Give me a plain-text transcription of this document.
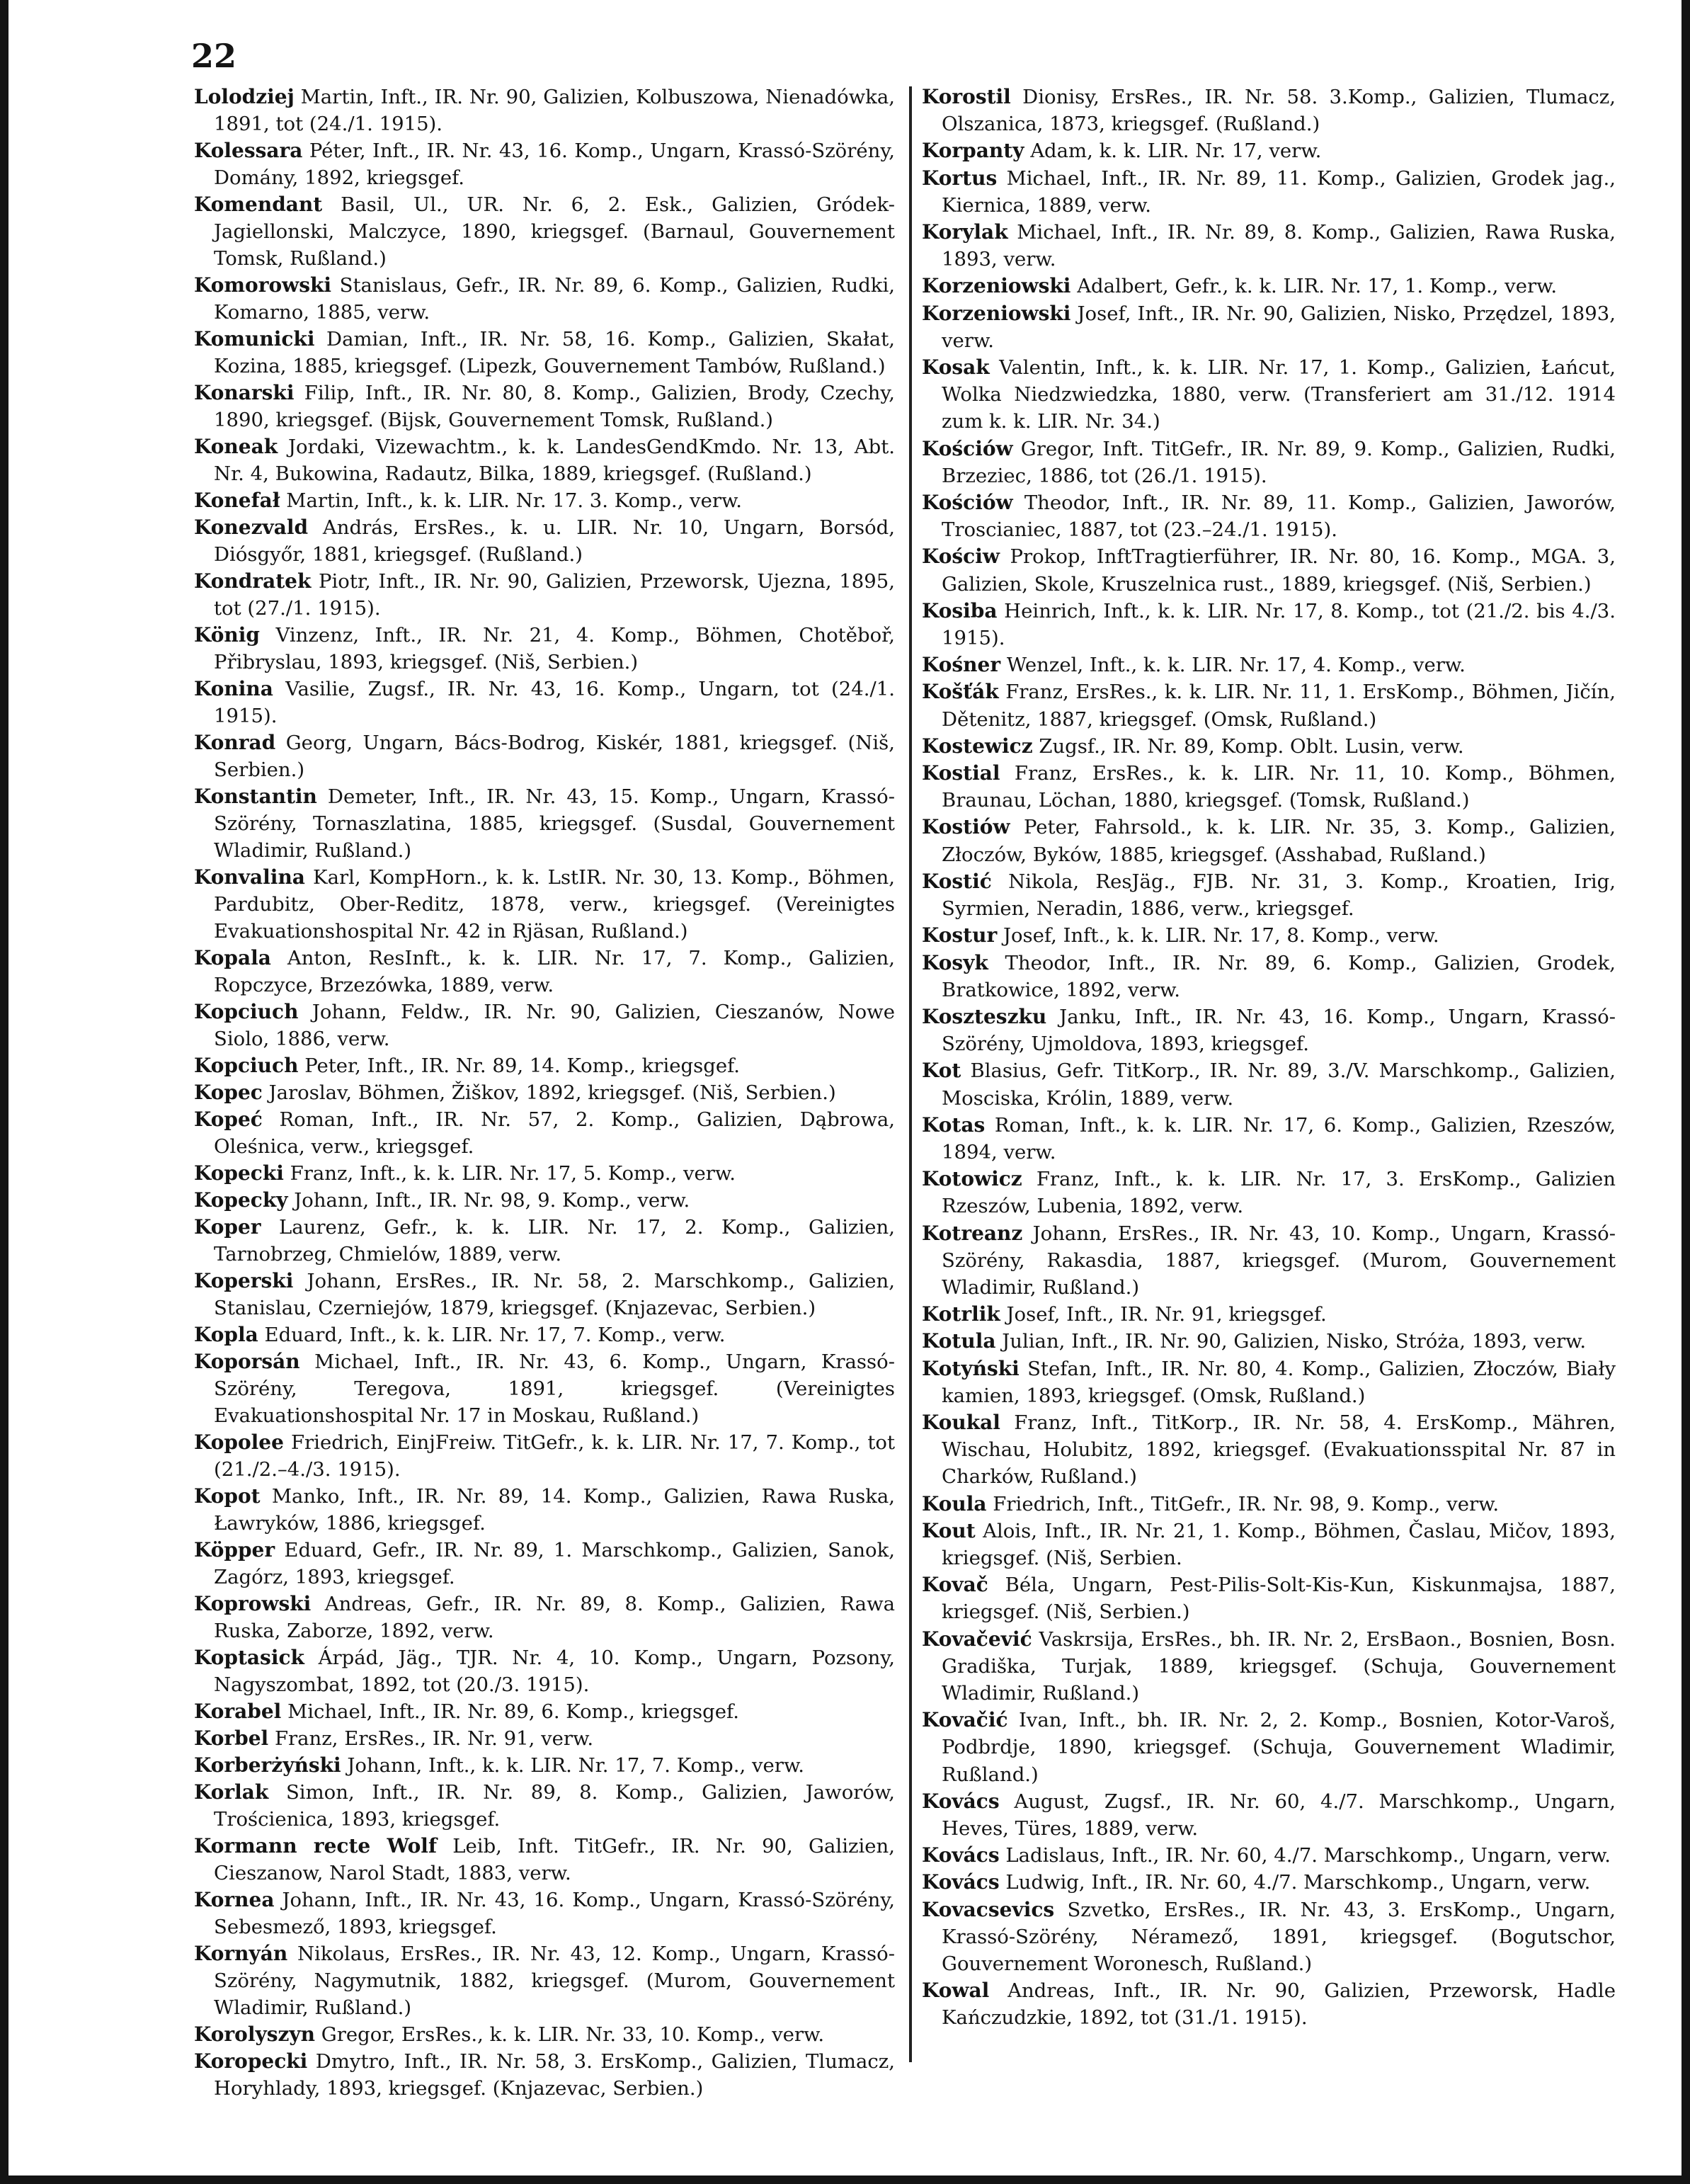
22

Lolodziej Martin, Inft., IR. Nr. 90, Galizien, Kolbuszowa, Nienadówka, 1891, tot (24./1. 1915).

Kolessara Péter, Inft., IR. Nr. 43, 16. Komp., Ungarn, Krassó-Szörény, Domány, 1892, kriegsgef.

Komendant Basil, Ul., UR. Nr. 6, 2. Esk., Galizien, Gródek-Jagiellonski, Malczyce, 1890, kriegsgef. (Barnaul, Gouvernement Tomsk, Rußland.)

Komorowski Stanislaus, Gefr., IR. Nr. 89, 6. Komp., Galizien, Rudki, Komarno, 1885, verw.

Komunicki Damian, Inft., IR. Nr. 58, 16. Komp., Galizien, Skałat, Kozina, 1885, kriegsgef. (Lipezk, Gouvernement Tambów, Rußland.)

Konarski Filip, Inft., IR. Nr. 80, 8. Komp., Galizien, Brody, Czechy, 1890, kriegsgef. (Bijsk, Gouvernement Tomsk, Rußland.)

Koneak Jordaki, Vizewachtm., k. k. LandesGendKmdo. Nr. 13, Abt. Nr. 4, Bukowina, Radautz, Bilka, 1889, kriegsgef. (Rußland.)

Konefał Martin, Inft., k. k. LIR. Nr. 17. 3. Komp., verw.

Konezvald András, ErsRes., k. u. LIR. Nr. 10, Ungarn, Borsód, Diósgyőr, 1881, kriegsgef. (Rußland.)

Kondratek Piotr, Inft., IR. Nr. 90, Galizien, Przeworsk, Ujezna, 1895, tot (27./1. 1915).

König Vinzenz, Inft., IR. Nr. 21, 4. Komp., Böhmen, Chotěboř, Přibryslau, 1893, kriegsgef. (Niš, Serbien.)

Konina Vasilie, Zugsf., IR. Nr. 43, 16. Komp., Ungarn, tot (24./1. 1915).

Konrad Georg, Ungarn, Bács-Bodrog, Kiskér, 1881, kriegsgef. (Niš, Serbien.)

Konstantin Demeter, Inft., IR. Nr. 43, 15. Komp., Ungarn, Krassó-Szörény, Tornaszlatina, 1885, kriegsgef. (Susdal, Gouvernement Wladimir, Rußland.)

Konvalina Karl, KompHorn., k. k. LstIR. Nr. 30, 13. Komp., Böhmen, Pardubitz, Ober-Reditz, 1878, verw., kriegsgef. (Vereinigtes Evakuationshospital Nr. 42 in Rjäsan, Rußland.)

Kopala Anton, ResInft., k. k. LIR. Nr. 17, 7. Komp., Galizien, Ropczyce, Brzezówka, 1889, verw.

Kopciuch Johann, Feldw., IR. Nr. 90, Galizien, Cieszanów, Nowe Siolo, 1886, verw.

Kopciuch Peter, Inft., IR. Nr. 89, 14. Komp., kriegsgef.

Kopec Jaroslav, Böhmen, Žiškov, 1892, kriegsgef. (Niš, Serbien.)

Kopeć Roman, Inft., IR. Nr. 57, 2. Komp., Galizien, Dąbrowa, Oleśnica, verw., kriegsgef.

Kopecki Franz, Inft., k. k. LIR. Nr. 17, 5. Komp., verw.

Kopecky Johann, Inft., IR. Nr. 98, 9. Komp., verw.

Koper Laurenz, Gefr., k. k. LIR. Nr. 17, 2. Komp., Galizien, Tarnobrzeg, Chmielów, 1889, verw.

Koperski Johann, ErsRes., IR. Nr. 58, 2. Marschkomp., Galizien, Stanislau, Czerniejów, 1879, kriegsgef. (Knjazevac, Serbien.)

Kopla Eduard, Inft., k. k. LIR. Nr. 17, 7. Komp., verw.

Koporsán Michael, Inft., IR. Nr. 43, 6. Komp., Ungarn, Krassó-Szörény, Teregova, 1891, kriegsgef. (Vereinigtes Evakuationshospital Nr. 17 in Moskau, Rußland.)

Kopolee Friedrich, EinjFreiw. TitGefr., k. k. LIR. Nr. 17, 7. Komp., tot (21./2.–4./3. 1915).

Kopot Manko, Inft., IR. Nr. 89, 14. Komp., Galizien, Rawa Ruska, Ławryków, 1886, kriegsgef.

Köpper Eduard, Gefr., IR. Nr. 89, 1. Marschkomp., Galizien, Sanok, Zagórz, 1893, kriegsgef.

Koprowski Andreas, Gefr., IR. Nr. 89, 8. Komp., Galizien, Rawa Ruska, Zaborze, 1892, verw.

Koptasick Árpád, Jäg., TJR. Nr. 4, 10. Komp., Ungarn, Pozsony, Nagyszombat, 1892, tot (20./3. 1915).

Korabel Michael, Inft., IR. Nr. 89, 6. Komp., kriegsgef.

Korbel Franz, ErsRes., IR. Nr. 91, verw.

Korberżyński Johann, Inft., k. k. LIR. Nr. 17, 7. Komp., verw.

Korlak Simon, Inft., IR. Nr. 89, 8. Komp., Galizien, Jaworów, Trościenica, 1893, kriegsgef.

Kormann recte Wolf Leib, Inft. TitGefr., IR. Nr. 90, Galizien, Cieszanow, Narol Stadt, 1883, verw.

Kornea Johann, Inft., IR. Nr. 43, 16. Komp., Ungarn, Krassó-Szörény, Sebesmező, 1893, kriegsgef.

Kornyán Nikolaus, ErsRes., IR. Nr. 43, 12. Komp., Ungarn, Krassó-Szörény, Nagymutnik, 1882, kriegsgef. (Murom, Gouvernement Wladimir, Rußland.)

Korolyszyn Gregor, ErsRes., k. k. LIR. Nr. 33, 10. Komp., verw.

Koropecki Dmytro, Inft., IR. Nr. 58, 3. ErsKomp., Galizien, Tlumacz, Horyhlady, 1893, kriegsgef. (Knjazevac, Serbien.)

Korostil Dionisy, ErsRes., IR. Nr. 58. 3.Komp., Galizien, Tlumacz, Olszanica, 1873, kriegsgef. (Rußland.)

Korpanty Adam, k. k. LIR. Nr. 17, verw.

Kortus Michael, Inft., IR. Nr. 89, 11. Komp., Galizien, Grodek jag., Kiernica, 1889, verw.

Korylak Michael, Inft., IR. Nr. 89, 8. Komp., Galizien, Rawa Ruska, 1893, verw.

Korzeniowski Adalbert, Gefr., k. k. LIR. Nr. 17, 1. Komp., verw.

Korzeniowski Josef, Inft., IR. Nr. 90, Galizien, Nisko, Przędzel, 1893, verw.

Kosak Valentin, Inft., k. k. LIR. Nr. 17, 1. Komp., Galizien, Łańcut, Wolka Niedzwiedzka, 1880, verw. (Transferiert am 31./12. 1914 zum k. k. LIR. Nr. 34.)

Kościów Gregor, Inft. TitGefr., IR. Nr. 89, 9. Komp., Galizien, Rudki, Brzeziec, 1886, tot (26./1. 1915).

Kościów Theodor, Inft., IR. Nr. 89, 11. Komp., Galizien, Jaworów, Troscianiec, 1887, tot (23.–24./1. 1915).

Kościw Prokop, InftTragtierführer, IR. Nr. 80, 16. Komp., MGA. 3, Galizien, Skole, Kruszelnica rust., 1889, kriegsgef. (Niš, Serbien.)

Kosiba Heinrich, Inft., k. k. LIR. Nr. 17, 8. Komp., tot (21./2. bis 4./3. 1915).

Kośner Wenzel, Inft., k. k. LIR. Nr. 17, 4. Komp., verw.

Košťák Franz, ErsRes., k. k. LIR. Nr. 11, 1. ErsKomp., Böhmen, Jičín, Dětenitz, 1887, kriegsgef. (Omsk, Rußland.)

Kostewicz Zugsf., IR. Nr. 89, Komp. Oblt. Lusin, verw.

Kostial Franz, ErsRes., k. k. LIR. Nr. 11, 10. Komp., Böhmen, Braunau, Löchan, 1880, kriegsgef. (Tomsk, Rußland.)

Kostiów Peter, Fahrsold., k. k. LIR. Nr. 35, 3. Komp., Galizien, Złoczów, Byków, 1885, kriegsgef. (Asshabad, Rußland.)

Kostić Nikola, ResJäg., FJB. Nr. 31, 3. Komp., Kroatien, Irig, Syrmien, Neradin, 1886, verw., kriegsgef.

Kostur Josef, Inft., k. k. LIR. Nr. 17, 8. Komp., verw.

Kosyk Theodor, Inft., IR. Nr. 89, 6. Komp., Galizien, Grodek, Bratkowice, 1892, verw.

Koszteszku Janku, Inft., IR. Nr. 43, 16. Komp., Ungarn, Krassó-Szörény, Ujmoldova, 1893, kriegsgef.

Kot Blasius, Gefr. TitKorp., IR. Nr. 89, 3./V. Marschkomp., Galizien, Mosciska, Królin, 1889, verw.

Kotas Roman, Inft., k. k. LIR. Nr. 17, 6. Komp., Galizien, Rzeszów, 1894, verw.

Kotowicz Franz, Inft., k. k. LIR. Nr. 17, 3. ErsKomp., Galizien Rzeszów, Lubenia, 1892, verw.

Kotreanz Johann, ErsRes., IR. Nr. 43, 10. Komp., Ungarn, Krassó-Szörény, Rakasdia, 1887, kriegsgef. (Murom, Gouvernement Wladimir, Rußland.)

Kotrlik Josef, Inft., IR. Nr. 91, kriegsgef.

Kotula Julian, Inft., IR. Nr. 90, Galizien, Nisko, Stróża, 1893, verw.

Kotyński Stefan, Inft., IR. Nr. 80, 4. Komp., Galizien, Złoczów, Biały kamien, 1893, kriegsgef. (Omsk, Rußland.)

Koukal Franz, Inft., TitKorp., IR. Nr. 58, 4. ErsKomp., Mähren, Wischau, Holubitz, 1892, kriegsgef. (Evakuationsspital Nr. 87 in Charków, Rußland.)

Koula Friedrich, Inft., TitGefr., IR. Nr. 98, 9. Komp., verw.

Kout Alois, Inft., IR. Nr. 21, 1. Komp., Böhmen, Časlau, Mičov, 1893, kriegsgef. (Niš, Serbien.

Kovač Béla, Ungarn, Pest-Pilis-Solt-Kis-Kun, Kiskunmajsa, 1887, kriegsgef. (Niš, Serbien.)

Kovačević Vaskrsija, ErsRes., bh. IR. Nr. 2, ErsBaon., Bosnien, Bosn. Gradiška, Turjak, 1889, kriegsgef. (Schuja, Gouvernement Wladimir, Rußland.)

Kovačić Ivan, Inft., bh. IR. Nr. 2, 2. Komp., Bosnien, Kotor-Varoš, Podbrdje, 1890, kriegsgef. (Schuja, Gouvernement Wladimir, Rußland.)

Kovács August, Zugsf., IR. Nr. 60, 4./7. Marschkomp., Ungarn, Heves, Türes, 1889, verw.

Kovács Ladislaus, Inft., IR. Nr. 60, 4./7. Marschkomp., Ungarn, verw.

Kovács Ludwig, Inft., IR. Nr. 60, 4./7. Marschkomp., Ungarn, verw.

Kovacsevics Szvetko, ErsRes., IR. Nr. 43, 3. ErsKomp., Ungarn, Krassó-Szörény, Néramező, 1891, kriegsgef. (Bogutschor, Gouvernement Woronesch, Rußland.)

Kowal Andreas, Inft., IR. Nr. 90, Galizien, Przeworsk, Hadle Kańczudzkie, 1892, tot (31./1. 1915).
